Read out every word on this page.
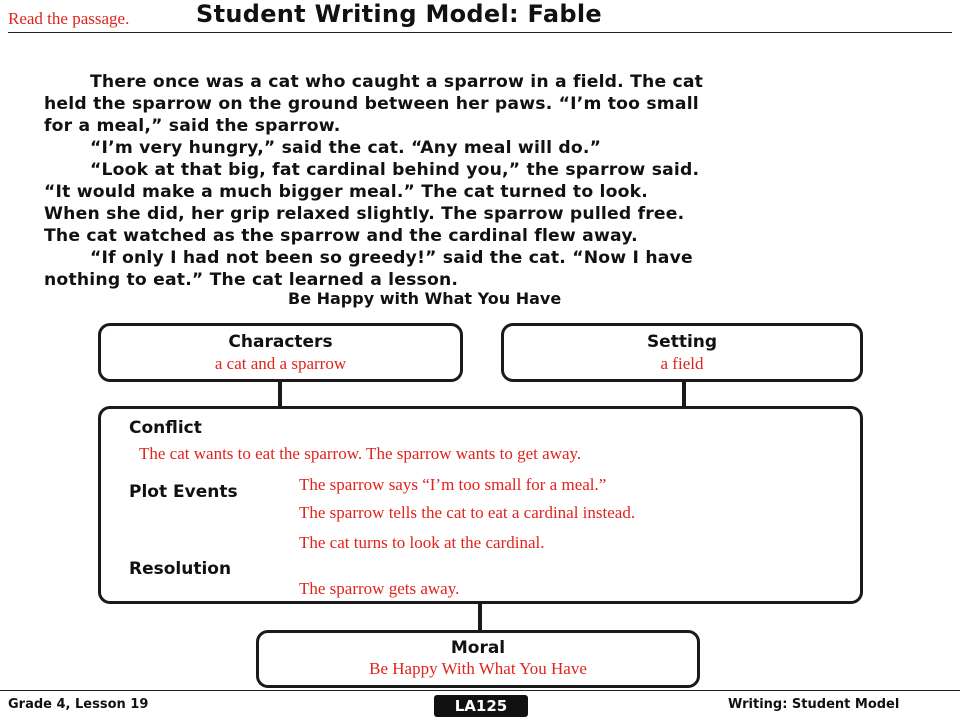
Read the passage.	Student Writing Model: Fable
There once was a cat who caught a sparrow in a field. The cat
held the sparrow on the ground between her paws. “I’m too small
for a meal,” said the sparrow.
“I’m very hungry,” said the cat. “Any meal will do.”
“Look at that big, fat cardinal behind you,” the sparrow said.
“It would make a much bigger meal.” The cat turned to look.
When she did, her grip relaxed slightly. The sparrow pulled free.
The cat watched as the sparrow and the cardinal flew away.
“If only I had not been so greedy!” said the cat. “Now I have
nothing to eat.” The cat learned a lesson.
Be Happy with What You Have
Characters
a cat and a sparrow
Setting
a field
Conflict
The cat wants to eat the sparrow. The sparrow wants to get away.
Plot Events	The sparrow says “I’m too small for a meal.”
The sparrow tells the cat to eat a cardinal instead.
The cat turns to look at the cardinal.
Resolution
The sparrow gets away.
Moral
Be Happy With What You Have
Grade 4, Lesson 19	LA125	Writing: Student Model
